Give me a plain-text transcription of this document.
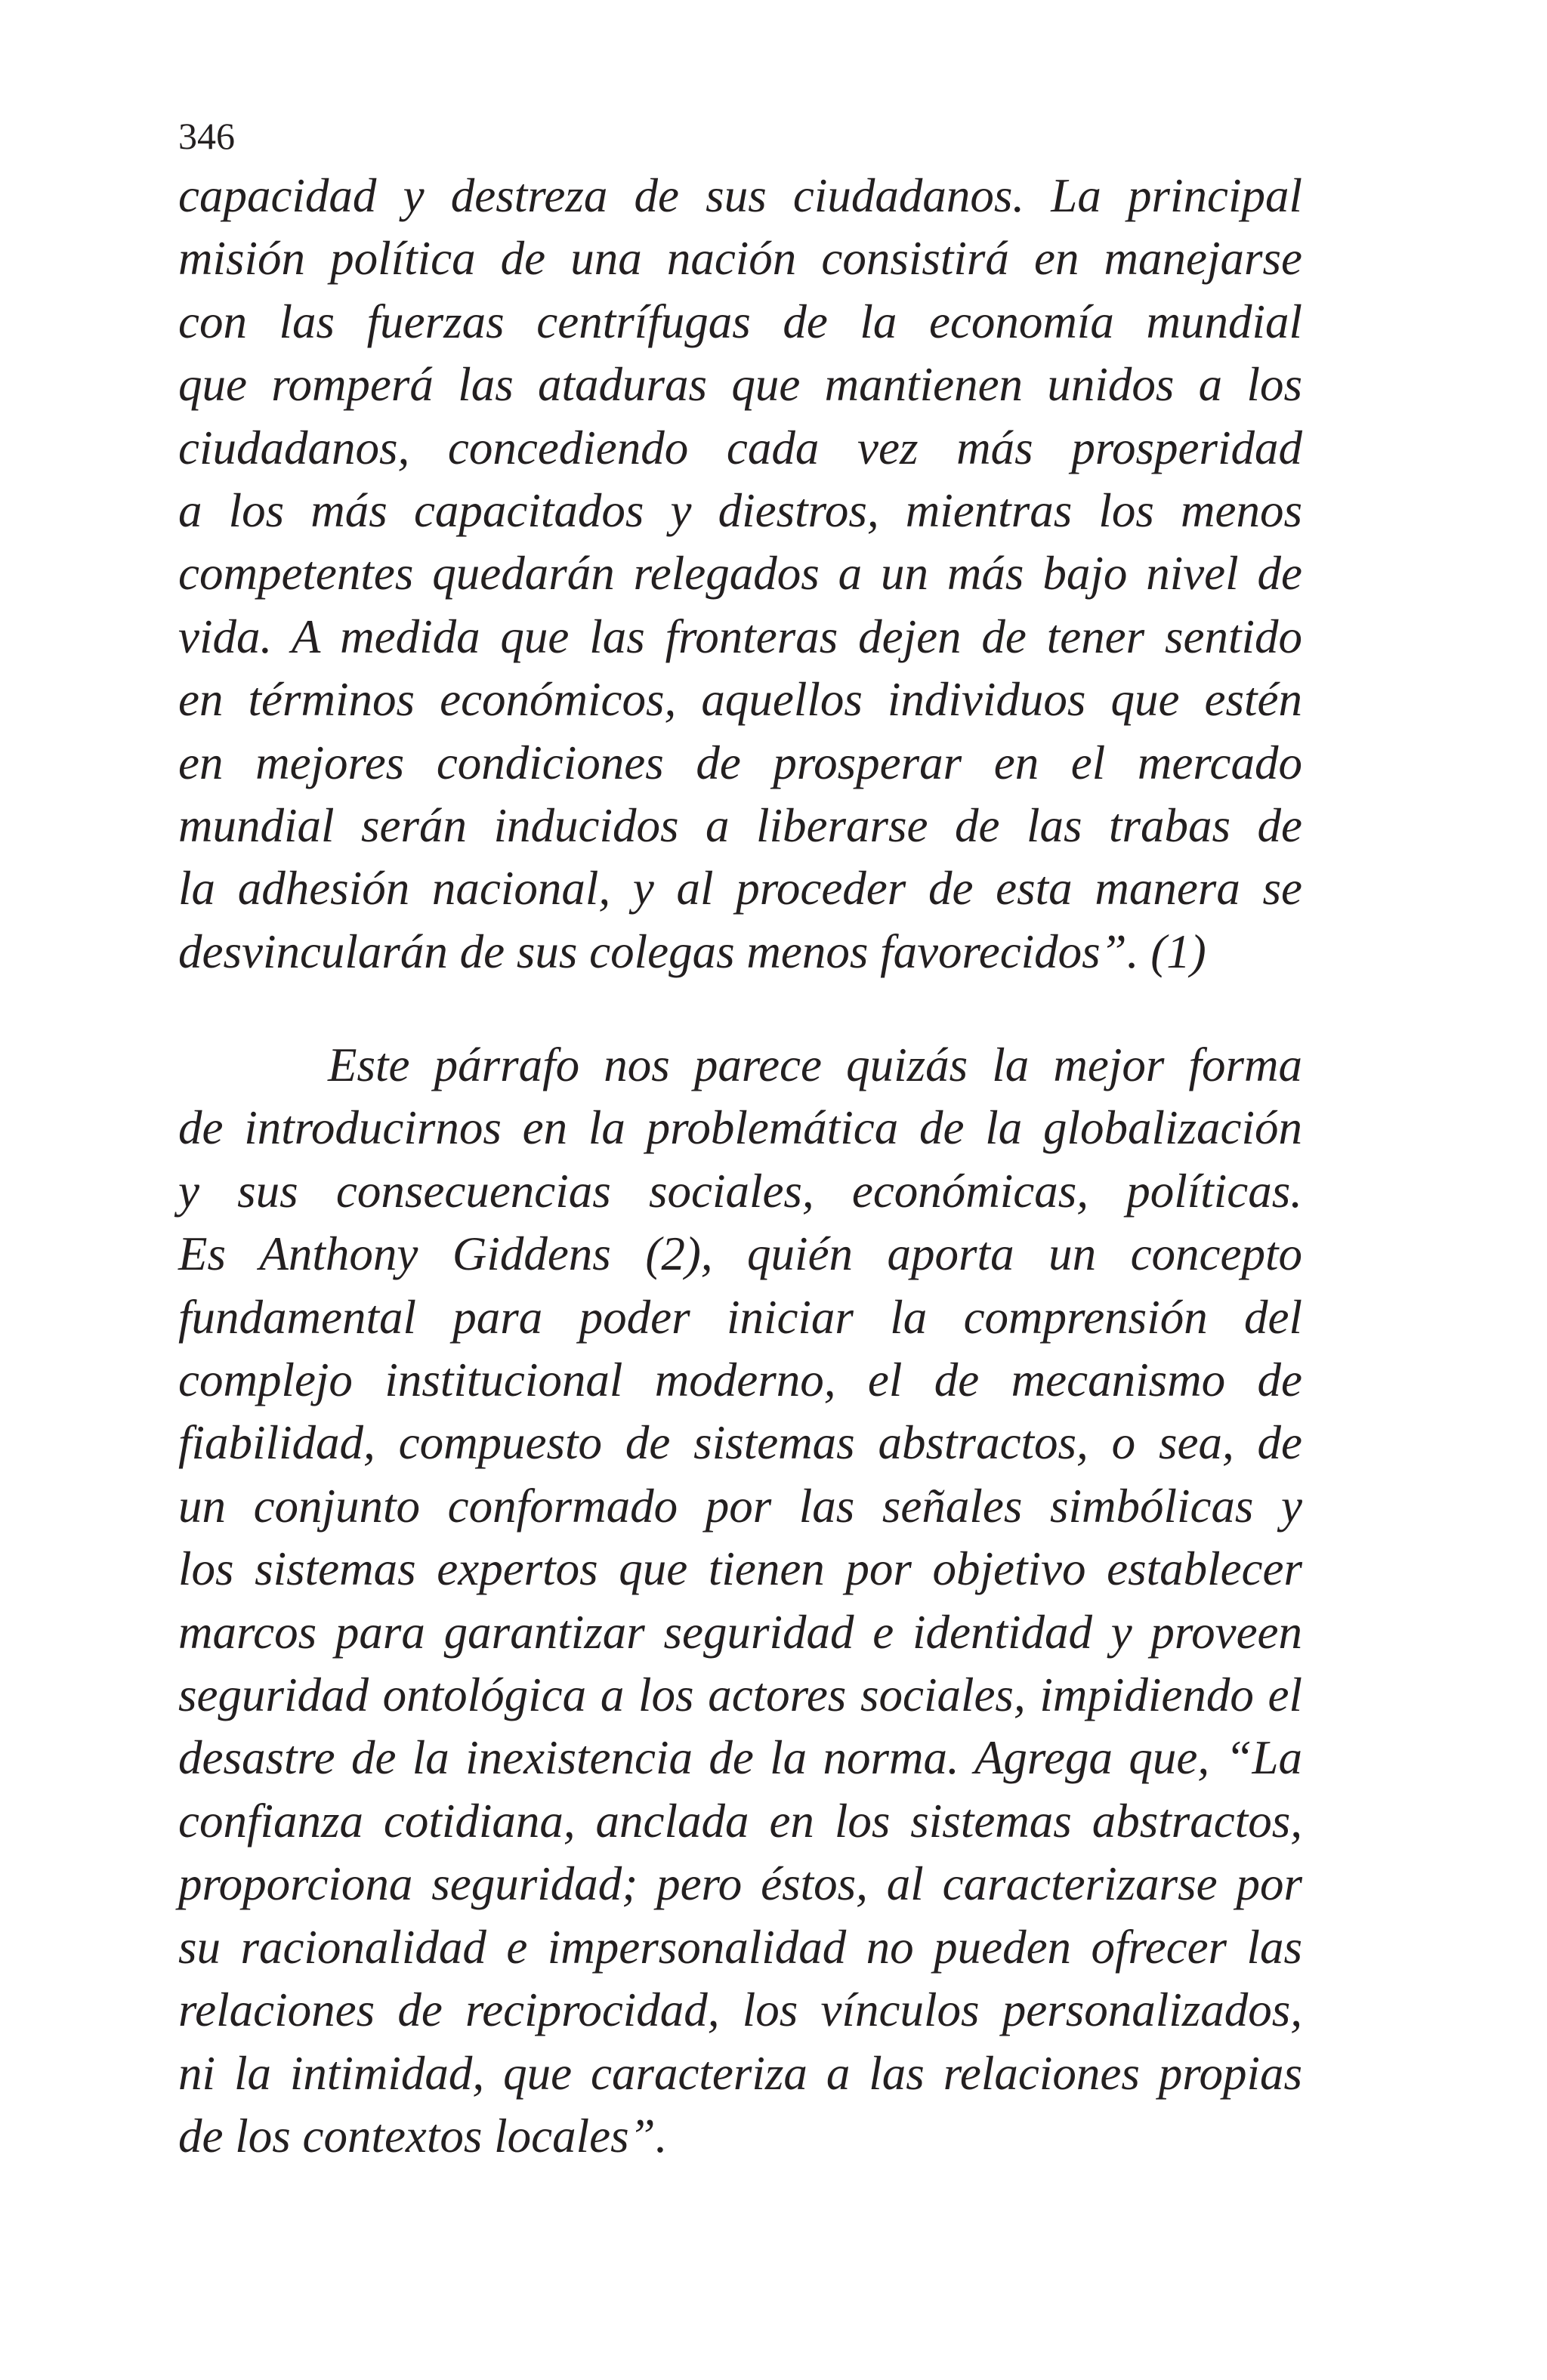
346
capacidad y destreza de sus ciudadanos. La principal
misión política de una nación consistirá en manejarse
con las fuerzas centrífugas de la economía mundial
que romperá las ataduras que mantienen unidos a los
ciudadanos, concediendo cada vez más prosperidad
a los más capacitados y diestros, mientras los menos
competentes quedarán relegados a un más bajo nivel de
vida. A medida que las fronteras dejen de tener sentido
en términos económicos, aquellos individuos que estén
en mejores condiciones de prosperar en el mercado
mundial serán inducidos a liberarse de las trabas de
la adhesión nacional, y al proceder de esta manera se
desvincularán de sus colegas menos favorecidos”. (1)
Este párrafo nos parece quizás la mejor forma
de introducirnos en la problemática de la globalización
y sus consecuencias sociales, económicas, políticas.
Es Anthony Giddens (2), quién aporta un concepto
fundamental para poder iniciar la comprensión del
complejo institucional moderno, el de mecanismo de
fiabilidad, compuesto de sistemas abstractos, o sea, de
un conjunto conformado por las señales simbólicas y
los sistemas expertos que tienen por objetivo establecer
marcos para garantizar seguridad e identidad y proveen
seguridad ontológica a los actores sociales, impidiendo el
desastre de la inexistencia de la norma. Agrega que, “La
confianza cotidiana, anclada en los sistemas abstractos,
proporciona seguridad; pero éstos, al caracterizarse por
su racionalidad e impersonalidad no pueden ofrecer las
relaciones de reciprocidad, los vínculos personalizados,
ni la intimidad, que caracteriza a las relaciones propias
de los contextos locales”.
